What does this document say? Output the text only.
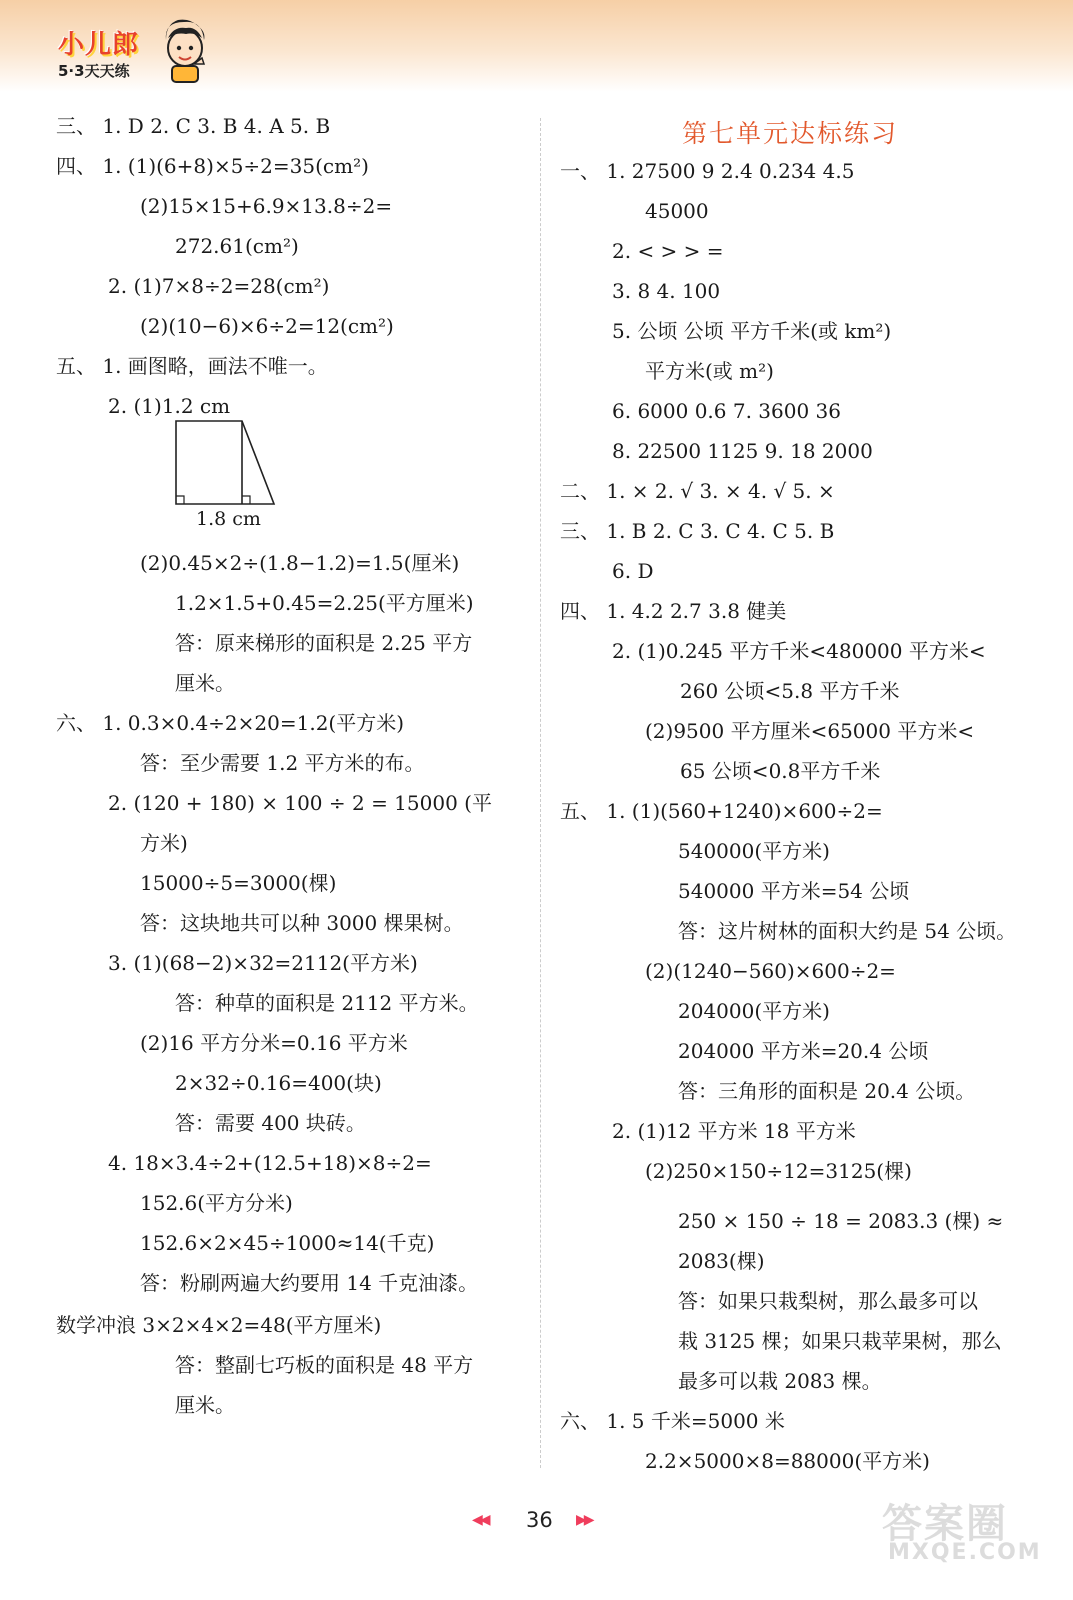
小儿郎
5·3天天练
第七单元达标练习
三、 1. D 2. C 3. B 4. A 5. B
四、 1. (1)(6+8)×5÷2=35(cm²)
(2)15×15+6.9×13.8÷2=
272.61(cm²)
2. (1)7×8÷2=28(cm²)
(2)(10−6)×6÷2=12(cm²)
五、 1. 画图略，画法不唯一。
2. (1)1.2 cm
1.8 cm
(2)0.45×2÷(1.8−1.2)=1.5(厘米)
1.2×1.5+0.45=2.25(平方厘米)
答：原来梯形的面积是 2.25 平方
厘米。
六、 1. 0.3×0.4÷2×20=1.2(平方米)
答：至少需要 1.2 平方米的布。
2. (120 + 180) × 100 ÷ 2 = 15000 (平
方米)
15000÷5=3000(棵)
答：这块地共可以种 3000 棵果树。
3. (1)(68−2)×32=2112(平方米)
答：种草的面积是 2112 平方米。
(2)16 平方分米=0.16 平方米
2×32÷0.16=400(块)
答：需要 400 块砖。
4. 18×3.4÷2+(12.5+18)×8÷2=
152.6(平方分米)
152.6×2×45÷1000≈14(千克)
答：粉刷两遍大约要用 14 千克油漆。
数学冲浪 3×2×4×2=48(平方厘米)
答：整副七巧板的面积是 48 平方
厘米。
一、 1. 27500 9 2.4 0.234 4.5
45000
2. < > > =
3. 8 4. 100
5. 公顷 公顷 平方千米(或 km²)
平方米(或 m²)
6. 6000 0.6 7. 3600 36
8. 22500 1125 9. 18 2000
二、 1. × 2. √ 3. × 4. √ 5. ×
三、 1. B 2. C 3. C 4. C 5. B
6. D
四、 1. 4.2 2.7 3.8 健美
2. (1)0.245 平方千米<480000 平方米<
260 公顷<5.8 平方千米
(2)9500 平方厘米<65000 平方米<
65 公顷<0.8平方千米
五、 1. (1)(560+1240)×600÷2=
540000(平方米)
540000 平方米=54 公顷
答：这片树林的面积大约是 54 公顷。
(2)(1240−560)×600÷2=
204000(平方米)
204000 平方米=20.4 公顷
答：三角形的面积是 20.4 公顷。
2. (1)12 平方米 18 平方米
(2)250×150÷12=3125(棵)
250 × 150 ÷ 18 = 2083.3̇ (棵) ≈
2083(棵)
答：如果只栽梨树，那么最多可以
栽 3125 棵；如果只栽苹果树，那么
最多可以栽 2083 棵。
六、 1. 5 千米=5000 米
2.2×5000×8=88000(平方米)
◀◀ 36 ▶▶	答案圈
MXQE.COM
